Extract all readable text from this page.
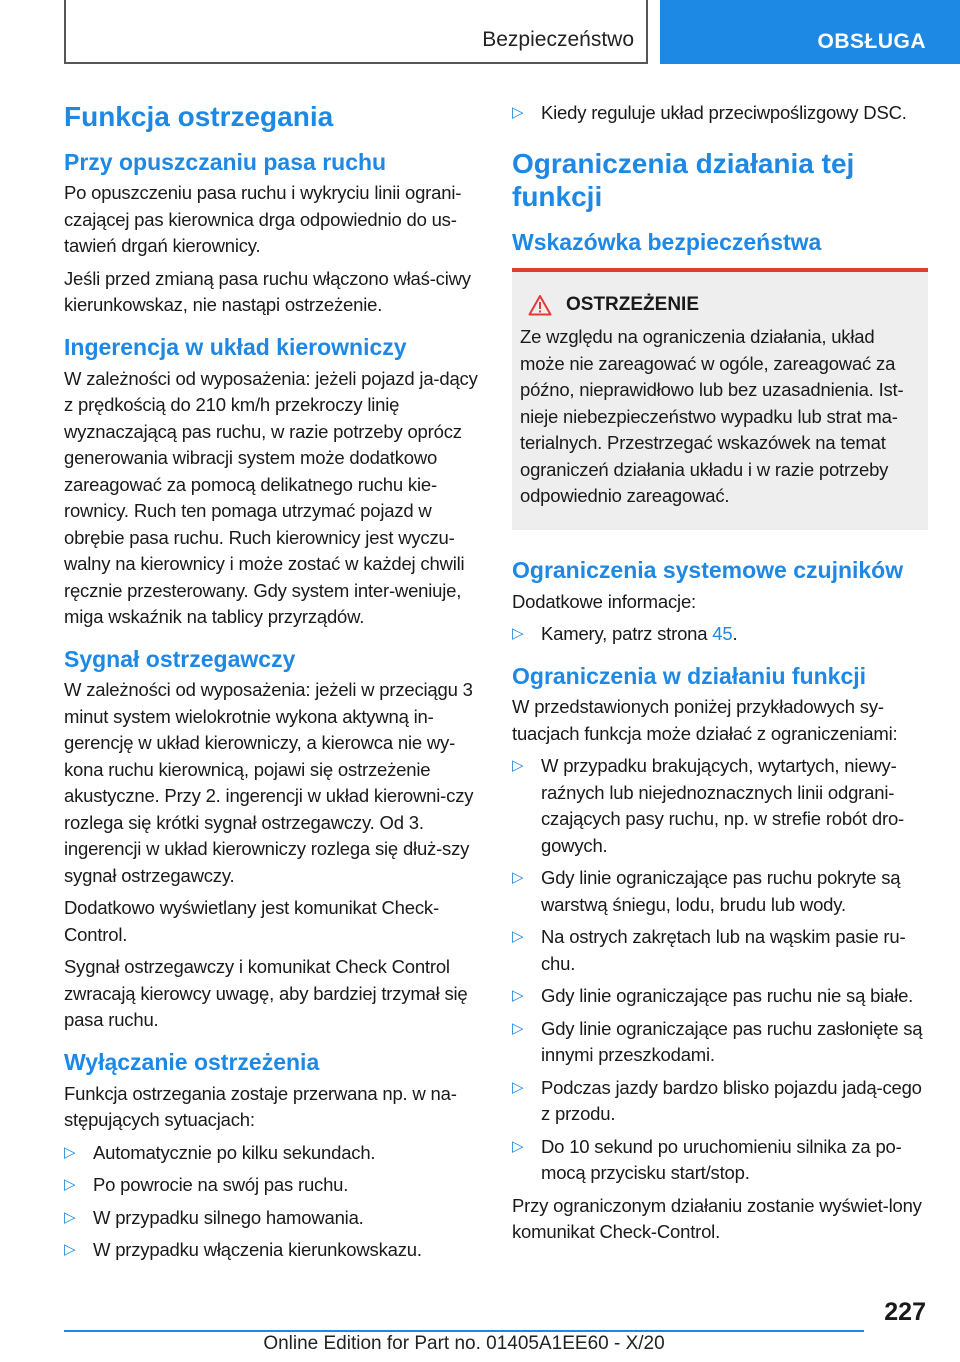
Bezpieczeństwo	OBSŁUGA
Funkcja ostrzegania
Przy opuszczaniu pasa ruchu

Po opuszczeniu pasa ruchu i wykryciu linii ograni-czającej pas kierownica drga odpowiednio do us-tawień drgań kierownicy.

Jeśli przed zmianą pasa ruchu włączono właś-ciwy kierunkowskaz, nie nastąpi ostrzeżenie.

Ingerencja w układ kierowniczy

W zależności od wyposażenia: jeżeli pojazd ja-dący z prędkością do 210 km/h przekroczy linię wyznaczającą pas ruchu, w razie potrzeby oprócz generowania wibracji system może dodatkowo zareagować za pomocą delikatnego ruchu kie-rownicy. Ruch ten pomaga utrzymać pojazd w obrębie pasa ruchu. Ruch kierownicy jest wyczu-walny na kierownicy i może zostać w każdej chwili ręcznie przesterowany. Gdy system inter-weniuje, miga wskaźnik na tablicy przyrządów.

Sygnał ostrzegawczy

W zależności od wyposażenia: jeżeli w przeciągu 3 minut system wielokrotnie wykona aktywną in-gerencję w układ kierowniczy, a kierowca nie wy-kona ruchu kierownicą, pojawi się ostrzeżenie akustyczne. Przy 2. ingerencji w układ kierowni-czy rozlega się krótki sygnał ostrzegawczy. Od 3. ingerencji w układ kierowniczy rozlega się dłuż-szy sygnał ostrzegawczy.

Dodatkowo wyświetlany jest komunikat Check-Control.

Sygnał ostrzegawczy i komunikat Check Control zwracają kierowcy uwagę, aby bardziej trzymał się pasa ruchu.

Wyłączanie ostrzeżenia

Funkcja ostrzegania zostaje przerwana np. w na-stępujących sytuacjach:

▷ Automatycznie po kilku sekundach.
▷ Po powrocie na swój pas ruchu.
▷ W przypadku silnego hamowania.
▷ W przypadku włączenia kierunkowskazu.
▷ Kiedy reguluje układ przeciwpoślizgowy DSC.
Ograniczenia działania tej funkcji
Wskazówka bezpieczeństwa
OSTRZEŻENIE

Ze względu na ograniczenia działania, układ może nie zareagować w ogóle, zareagować za późno, nieprawidłowo lub bez uzasadnienia. Ist-nieje niebezpieczeństwo wypadku lub strat ma-terialnych. Przestrzegać wskazówek na temat ograniczeń działania układu i w razie potrzeby odpowiednio zareagować.

Ograniczenia systemowe czujników

Dodatkowe informacje:

▷ Kamery, patrz strona 45.
Ograniczenia w działaniu funkcji

W przedstawionych poniżej przykładowych sy-tuacjach funkcja może działać z ograniczeniami:

▷ W przypadku brakujących, wytartych, niewy-raźnych lub niejednoznacznych linii odgrani-czających pasy ruchu, np. w strefie robót dro-gowych.
▷ Gdy linie ograniczające pas ruchu pokryte są warstwą śniegu, lodu, brudu lub wody.
▷ Na ostrych zakrętach lub na wąskim pasie ru-chu.
▷ Gdy linie ograniczające pas ruchu nie są białe.
▷ Gdy linie ograniczające pas ruchu zasłonięte są innymi przeszkodami.
▷ Podczas jazdy bardzo blisko pojazdu jadą-cego z przodu.
▷ Do 10 sekund po uruchomieniu silnika za po-mocą przycisku start/stop.

Przy ograniczonym działaniu zostanie wyświet-lony komunikat Check-Control.

227
Online Edition for Part no. 01405A1EE60 - X/20
